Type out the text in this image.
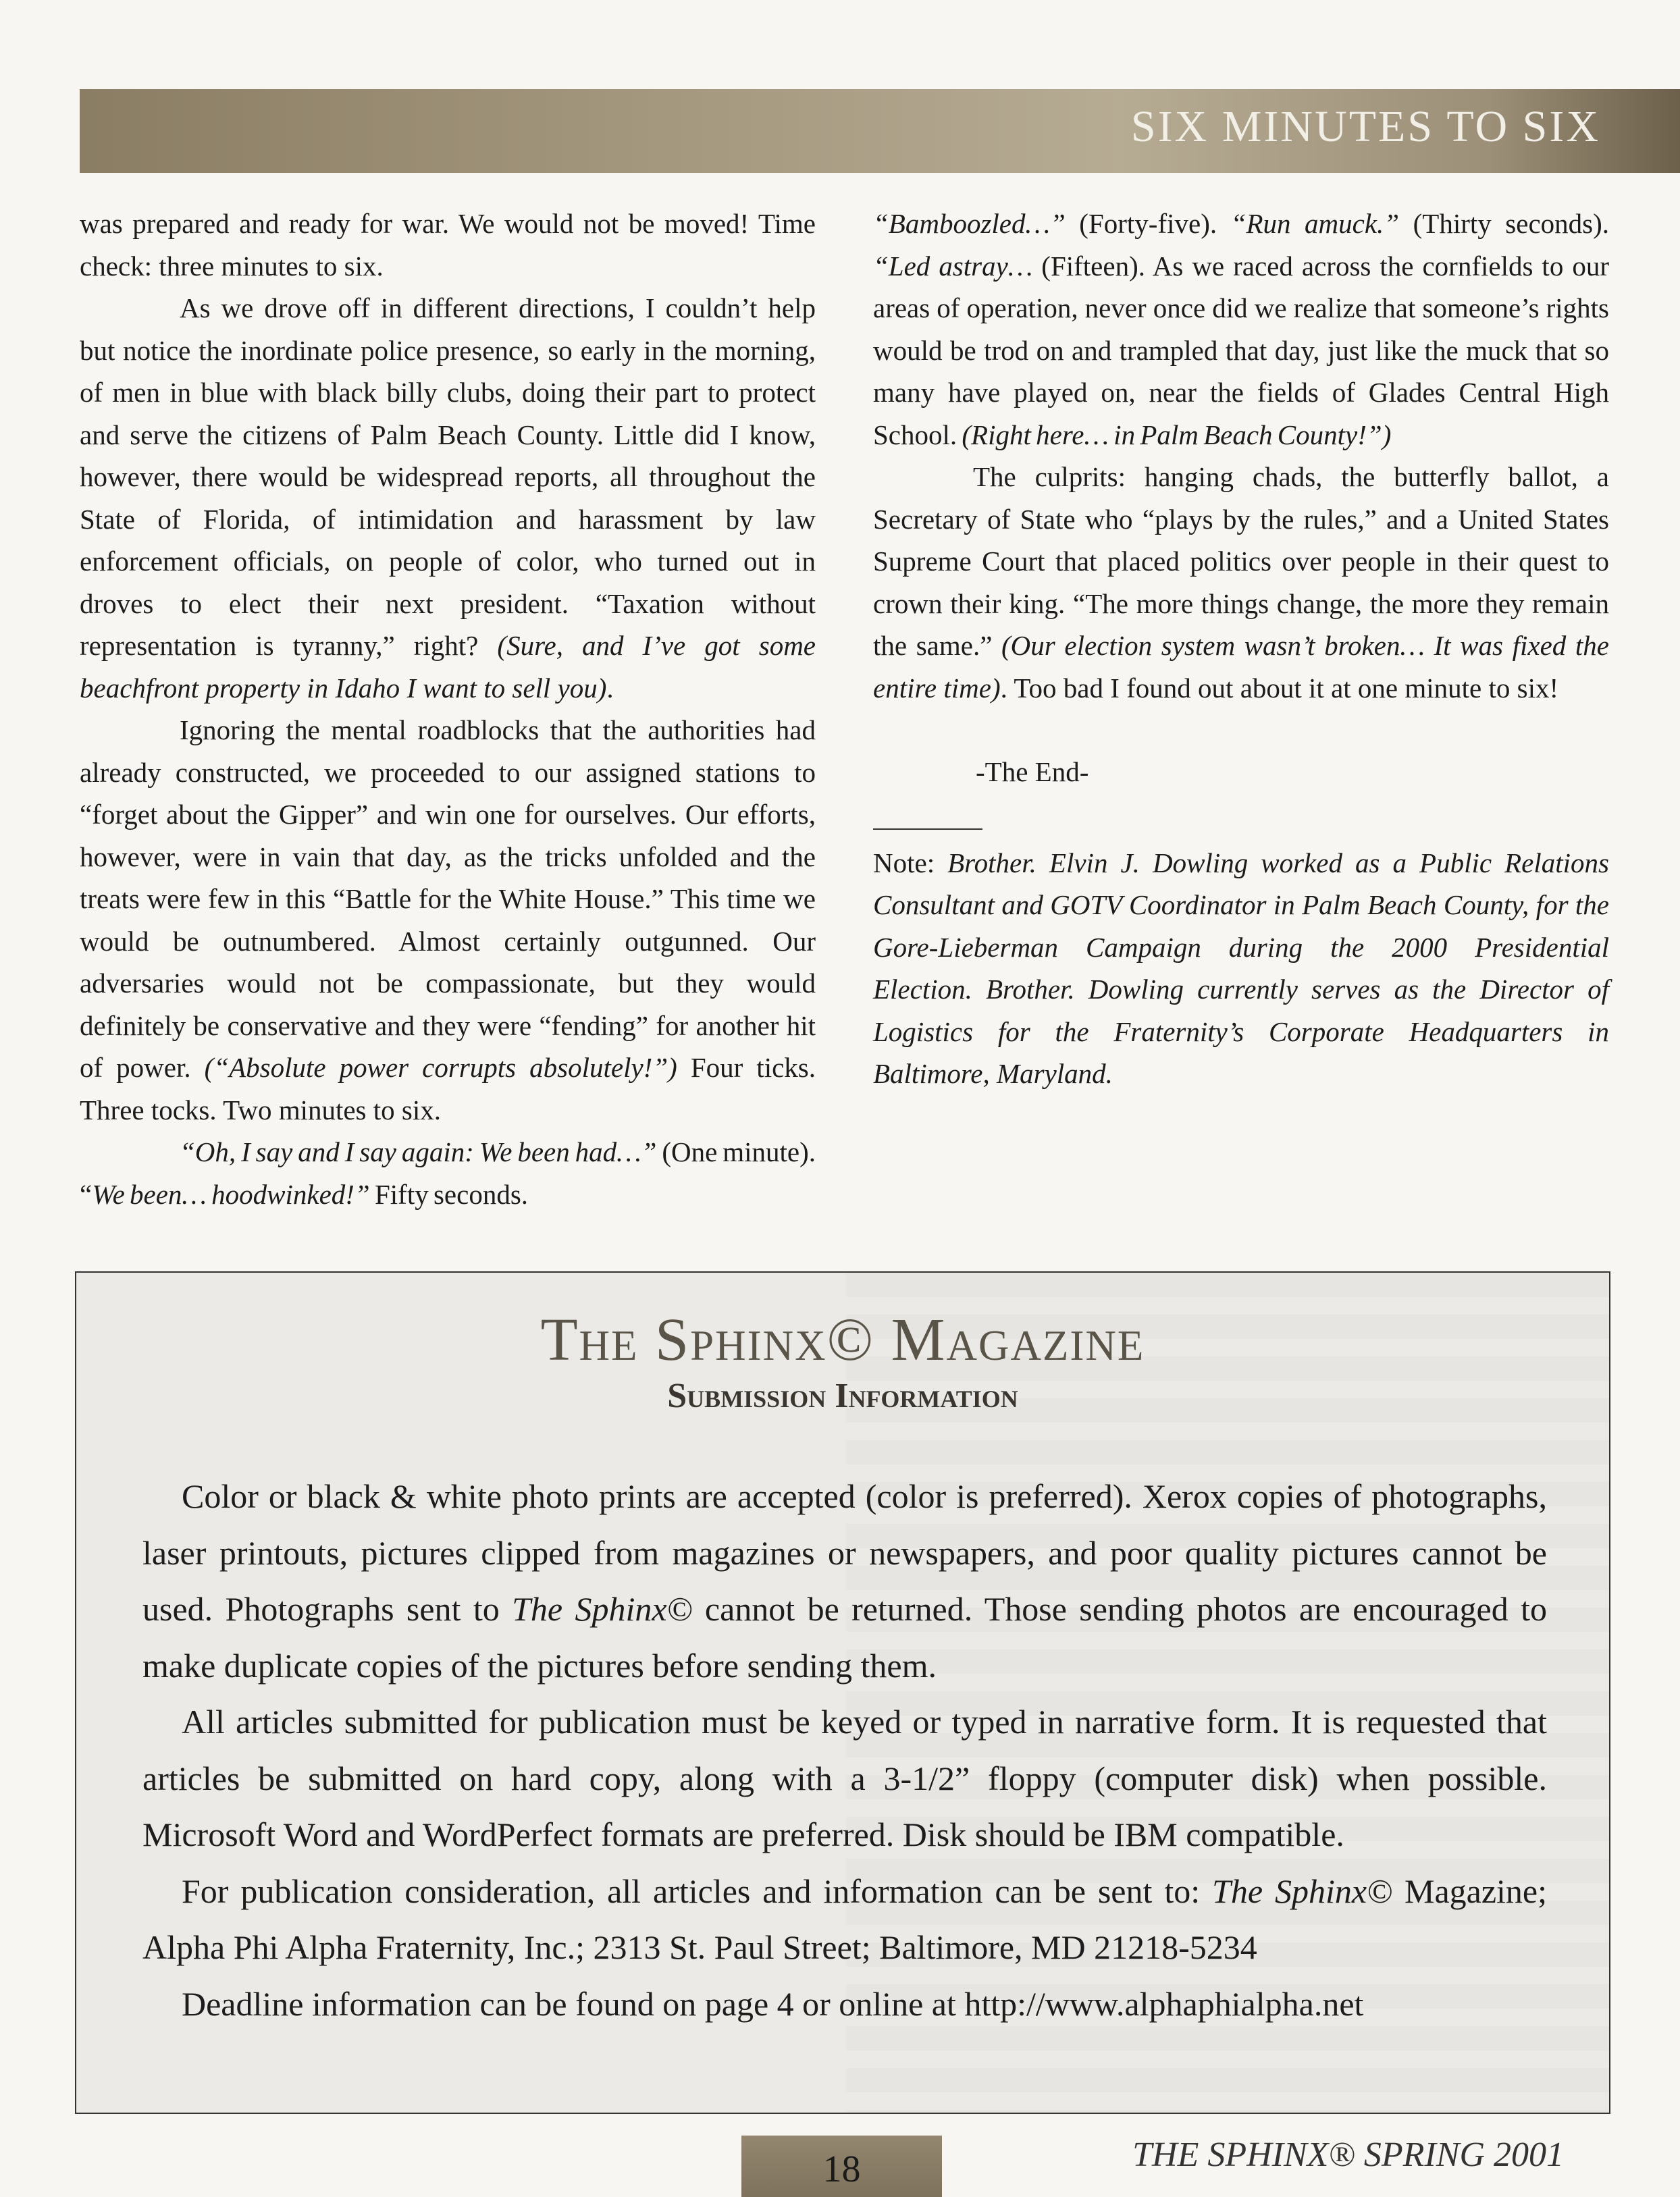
SIX MINUTES TO SIX

was prepared and ready for war. We would not be moved! Time check: three minutes to six.

As we drove off in different directions, I couldn’t help but notice the inordinate police presence, so early in the morning, of men in blue with black billy clubs, doing their part to protect and serve the citizens of Palm Beach County. Little did I know, however, there would be widespread reports, all throughout the State of Florida, of intimidation and harassment by law enforcement officials, on people of color, who turned out in droves to elect their next president. “Taxation without representation is tyranny,” right? (Sure, and I’ve got some beachfront property in Idaho I want to sell you).

Ignoring the mental roadblocks that the authorities had already constructed, we proceeded to our assigned stations to “forget about the Gipper” and win one for ourselves. Our efforts, however, were in vain that day, as the tricks unfolded and the treats were few in this “Battle for the White House.” This time we would be outnumbered. Almost certainly outgunned. Our adversaries would not be compassionate, but they would definitely be conservative and they were “fending” for another hit of power. (“Absolute power corrupts absolutely!”) Four ticks. Three tocks. Two minutes to six.

“Oh, I say and I say again: We been had…” (One minute). “We been… hoodwinked!” Fifty seconds.

“Bamboozled…” (Forty-five). “Run amuck.” (Thirty seconds). “Led astray… (Fifteen). As we raced across the cornfields to our areas of operation, never once did we realize that someone’s rights would be trod on and trampled that day, just like the muck that so many have played on, near the fields of Glades Central High School. (Right here… in Palm Beach County!”)

The culprits: hanging chads, the butterfly ballot, a Secretary of State who “plays by the rules,” and a United States Supreme Court that placed politics over people in their quest to crown their king. “The more things change, the more they remain the same.” (Our election system wasn’t broken… It was fixed the entire time). Too bad I found out about it at one minute to six!

-The End-

Note: Brother. Elvin J. Dowling worked as a Public Relations Consultant and GOTV Coordinator in Palm Beach County, for the Gore-Lieberman Campaign during the 2000 Presidential Election. Brother. Dowling currently serves as the Director of Logistics for the Fraternity’s Corporate Headquarters in Baltimore, Maryland.

The Sphinx© Magazine
Submission Information

Color or black & white photo prints are accepted (color is preferred). Xerox copies of photographs, laser printouts, pictures clipped from magazines or newspapers, and poor quality pictures cannot be used. Photographs sent to The Sphinx© cannot be returned. Those sending photos are encouraged to make duplicate copies of the pictures before sending them.

All articles submitted for publication must be keyed or typed in narrative form. It is requested that articles be submitted on hard copy, along with a 3-1/2” floppy (computer disk) when possible. Microsoft Word and WordPerfect formats are preferred. Disk should be IBM compatible.

For publication consideration, all articles and information can be sent to: The Sphinx© Magazine; Alpha Phi Alpha Fraternity, Inc.; 2313 St. Paul Street; Baltimore, MD 21218-5234

Deadline information can be found on page 4 or online at http://www.alphaphialpha.net

18	THE SPHINX® SPRING 2001
